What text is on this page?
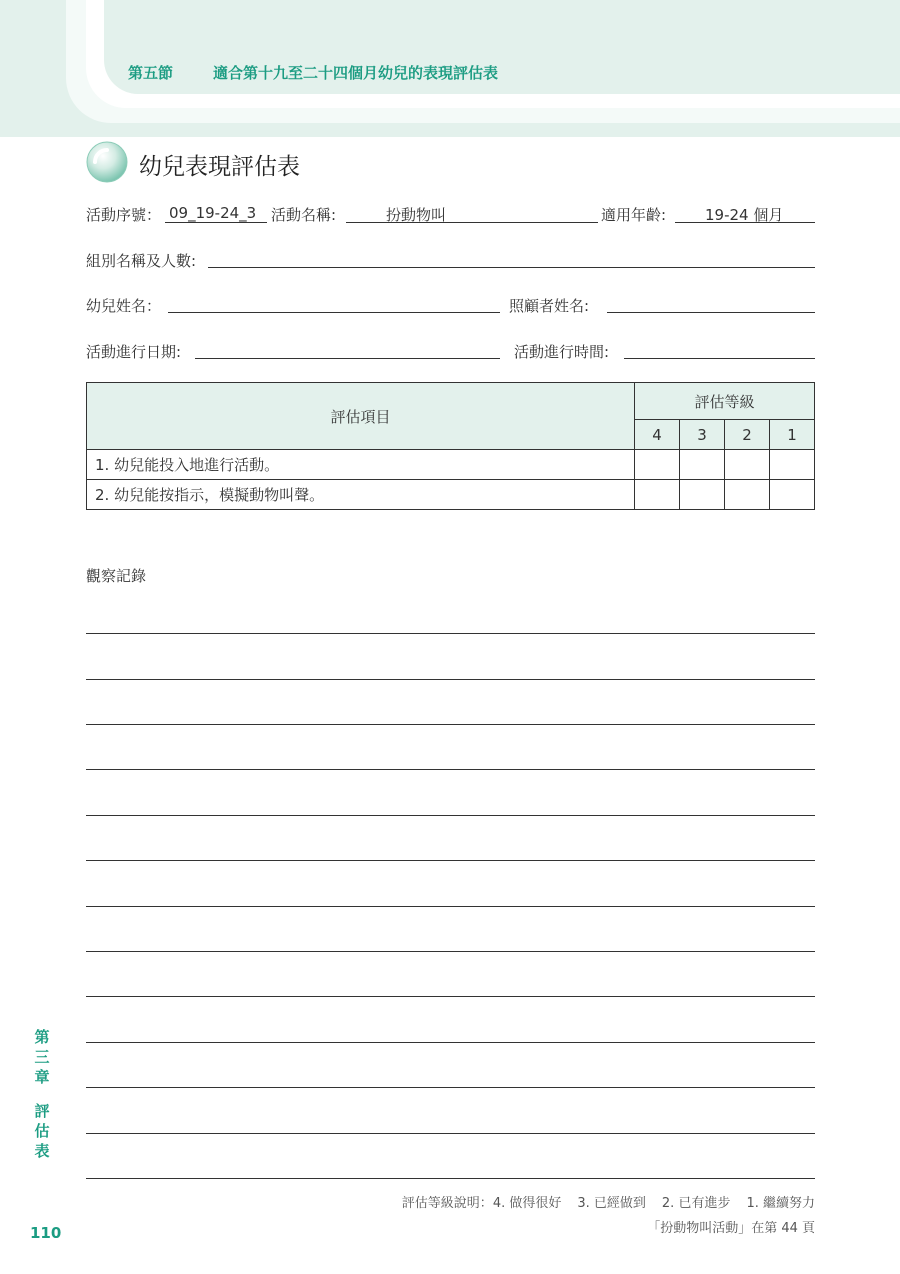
第五節	適合第十九至二十四個月幼兒的表現評估表
幼兒表現評估表
活動序號： 09_19-24_3 活動名稱:	扮動物叫	適用年齡:	19-24 個月
組別名稱及人數:
幼兒姓名：	照顧者姓名:
活動進行日期:	活動進行時間:
評估項目	評估等級			
	4	3	2	1
1. 幼兒能投入地進行活動。				
2. 幼兒能按指示，模擬動物叫聲。				
觀察記錄
第
三
章
評
估
表
評估等級說明：4. 做得很好 3. 已經做到 2. 已有進步 1. 繼續努力
「扮動物叫活動」在第 44 頁
110
